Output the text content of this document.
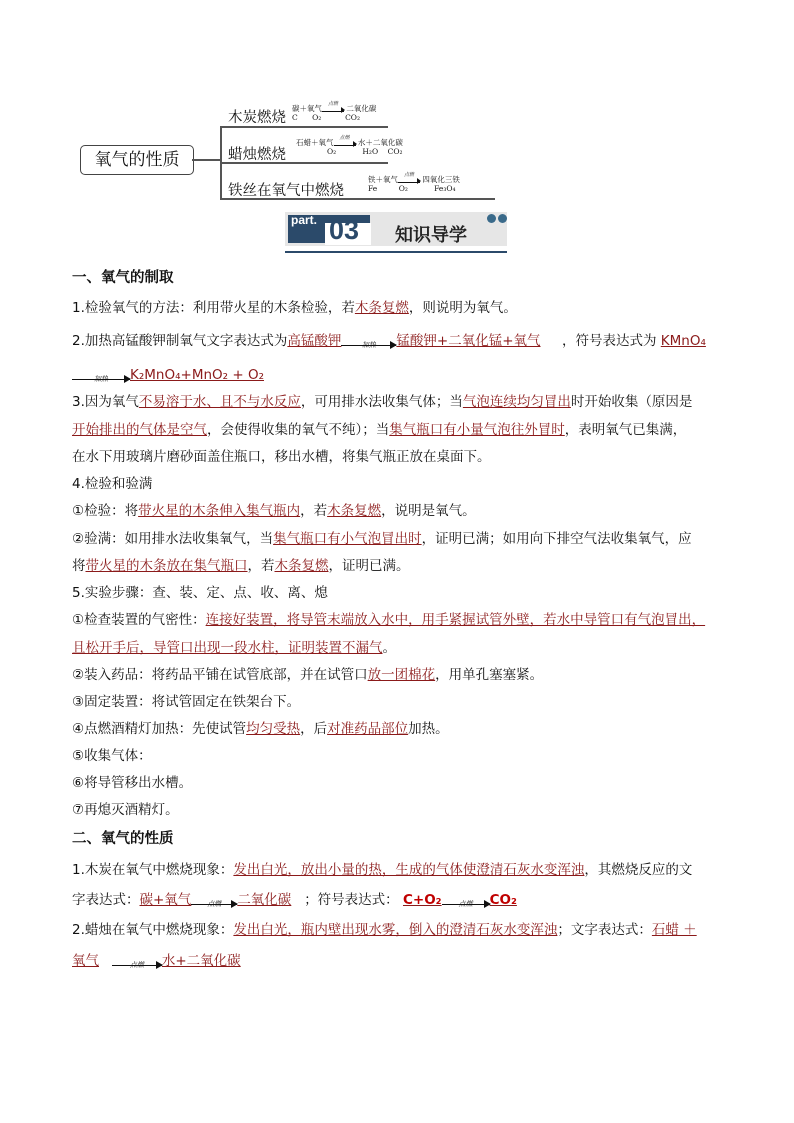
氧气的性质
木炭燃烧
碳＋氧气	点燃	二氧化碳
C O₂	CO₂
蜡烛燃烧
石蜡＋氧气	点燃	水＋二氧化碳
O₂	H₂O CO₂
铁丝在氧气中燃烧
铁＋氧气	点燃	四氧化三铁
Fe	O₂	Fe₃O₄
part. 03 知识导学
一、氧气的制取
1.检验氧气的方法：利用带火星的木条检验，若木条复燃，则说明为氧气。
2.加热高锰酸钾制氧气文字表达式为高锰酸钾	加热	锰酸钾+二氧化锰+氧气 ，符号表达式为 KMnO₄
加热	K₂MnO₄+MnO₂ + O₂
3.因为氧气不易溶于水、且不与水反应，可用排水法收集气体；当气泡连续均匀冒出时开始收集（原因是
开始排出的气体是空气，会使得收集的氧气不纯）；当集气瓶口有小量气泡往外冒时，表明氧气已集满，
在水下用玻璃片磨砂面盖住瓶口，移出水槽，将集气瓶正放在桌面下。
4.检验和验满
①检验：将带火星的木条伸入集气瓶内，若木条复燃，说明是氧气。
②验满：如用排水法收集氧气，当集气瓶口有小气泡冒出时，证明已满；如用向下排空气法收集氧气，应
将带火星的木条放在集气瓶口，若木条复燃，证明已满。
5.实验步骤：查、装、定、点、收、离、熄
①检查装置的气密性：连接好装置，将导管末端放入水中，用手紧握试管外壁，若水中导管口有气泡冒出，
且松开手后，导管口出现一段水柱，证明装置不漏气。
②装入药品：将药品平铺在试管底部，并在试管口放一团棉花，用单孔塞塞紧。
③固定装置：将试管固定在铁架台下。
④点燃酒精灯加热：先使试管均匀受热，后对准药品部位加热。
⑤收集气体：
⑥将导管移出水槽。
⑦再熄灭酒精灯。
二、氧气的性质
1.木炭在氧气中燃烧现象：发出白光，放出小量的热，生成的气体使澄清石灰水变浑浊，其燃烧反应的文
字表达式：碳+氧气	点燃	二氧化碳 ；符号表达式： C+O₂	点燃	CO₂
2.蜡烛在氧气中燃烧现象：发出白光，瓶内壁出现水雾，倒入的澄清石灰水变浑浊；文字表达式：石蜡 ＋
氧气	点燃	水+二氧化碳
